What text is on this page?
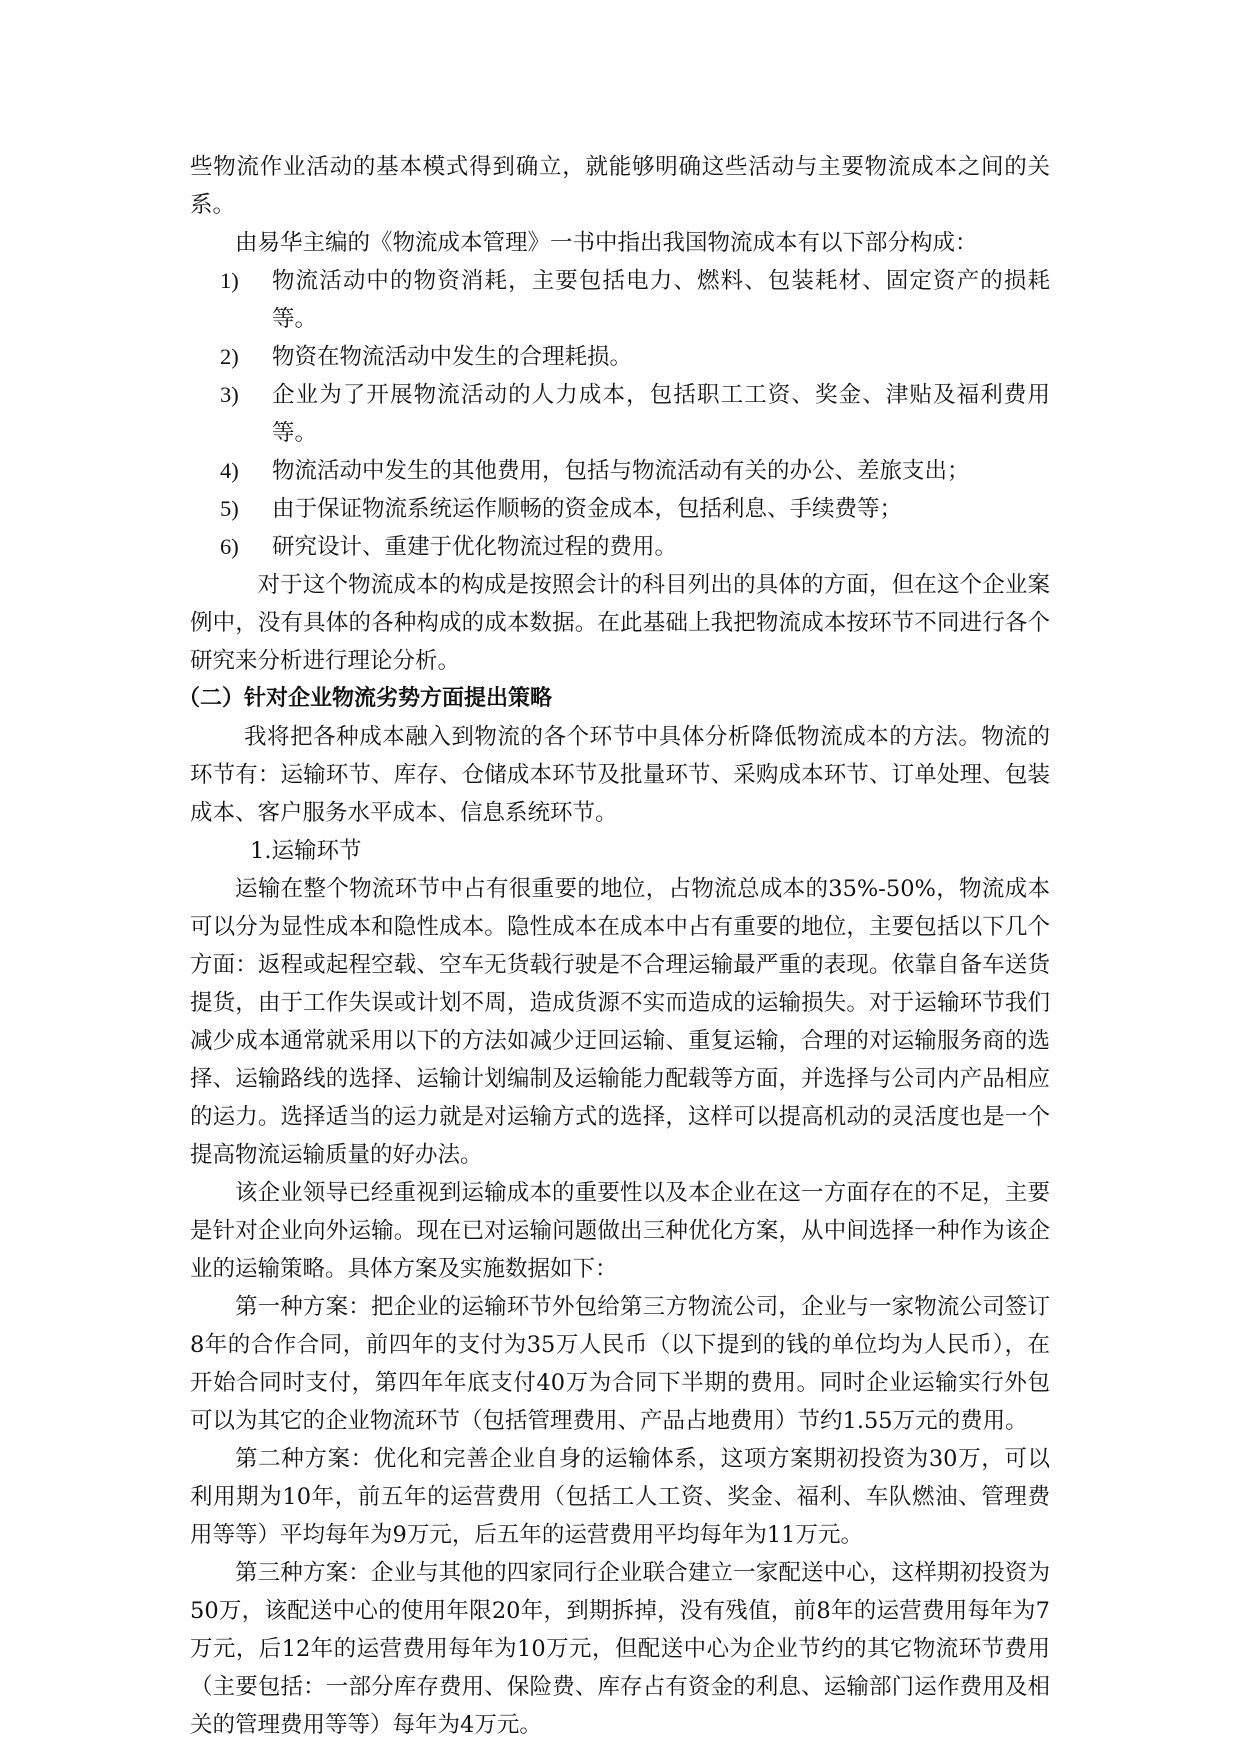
些物流作业活动的基本模式得到确立，就能够明确这些活动与主要物流成本之间的关系。

由易华主编的《物流成本管理》一书中指出我国物流成本有以下部分构成：

1) 物流活动中的物资消耗，主要包括电力、燃料、包装耗材、固定资产的损耗等。
2) 物资在物流活动中发生的合理耗损。
3) 企业为了开展物流活动的人力成本，包括职工工资、奖金、津贴及福利费用等。
4) 物流活动中发生的其他费用，包括与物流活动有关的办公、差旅支出；
5) 由于保证物流系统运作顺畅的资金成本，包括利息、手续费等；
6) 研究设计、重建于优化物流过程的费用。

对于这个物流成本的构成是按照会计的科目列出的具体的方面，但在这个企业案例中，没有具体的各种构成的成本数据。在此基础上我把物流成本按环节不同进行各个研究来分析进行理论分析。

（二）针对企业物流劣势方面提出策略

我将把各种成本融入到物流的各个环节中具体分析降低物流成本的方法。物流的环节有：运输环节、库存、仓储成本环节及批量环节、采购成本环节、订单处理、包装成本、客户服务水平成本、信息系统环节。

1.运输环节

运输在整个物流环节中占有很重要的地位，占物流总成本的35%-50%，物流成本可以分为显性成本和隐性成本。隐性成本在成本中占有重要的地位，主要包括以下几个方面：返程或起程空载、空车无货载行驶是不合理运输最严重的表现。依靠自备车送货提货，由于工作失误或计划不周，造成货源不实而造成的运输损失。对于运输环节我们减少成本通常就采用以下的方法如减少迂回运输、重复运输，合理的对运输服务商的选择、运输路线的选择、运输计划编制及运输能力配载等方面，并选择与公司内产品相应的运力。选择适当的运力就是对运输方式的选择，这样可以提高机动的灵活度也是一个提高物流运输质量的好办法。

该企业领导已经重视到运输成本的重要性以及本企业在这一方面存在的不足，主要是针对企业向外运输。现在已对运输问题做出三种优化方案，从中间选择一种作为该企业的运输策略。具体方案及实施数据如下：

第一种方案：把企业的运输环节外包给第三方物流公司，企业与一家物流公司签订8年的合作合同，前四年的支付为35万人民币（以下提到的钱的单位均为人民币），在开始合同时支付，第四年年底支付40万为合同下半期的费用。同时企业运输实行外包可以为其它的企业物流环节（包括管理费用、产品占地费用）节约1.55万元的费用。

第二种方案：优化和完善企业自身的运输体系，这项方案期初投资为30万，可以利用期为10年，前五年的运营费用（包括工人工资、奖金、福利、车队燃油、管理费用等等）平均每年为9万元，后五年的运营费用平均每年为11万元。

第三种方案：企业与其他的四家同行企业联合建立一家配送中心，这样期初投资为50万，该配送中心的使用年限20年，到期拆掉，没有残值，前8年的运营费用每年为7万元，后12年的运营费用每年为10万元，但配送中心为企业节约的其它物流环节费用（主要包括：一部分库存费用、保险费、库存占有资金的利息、运输部门运作费用及相关的管理费用等等）每年为4万元。
